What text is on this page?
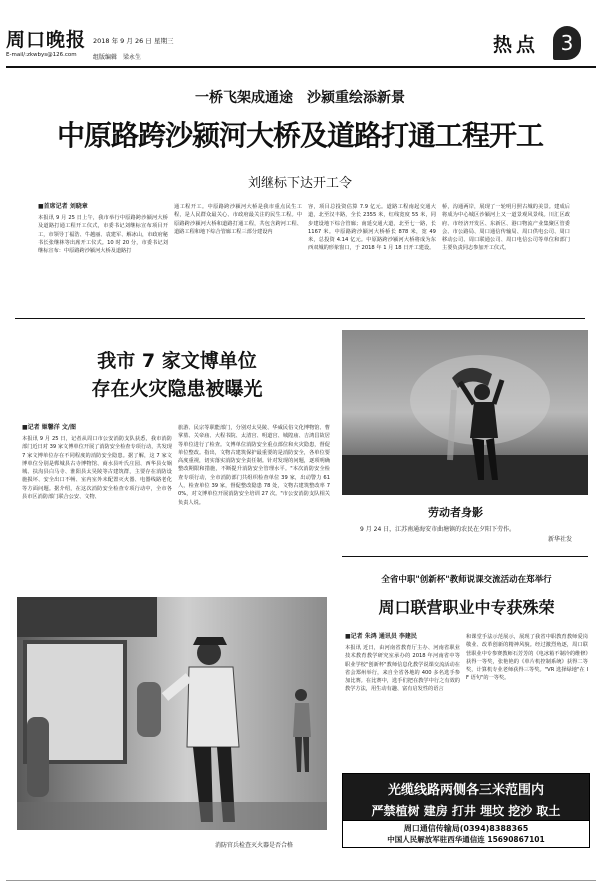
周口晚报
E-mail/:zkwbys@126.com
2018 年 9 月 26 日 星期三
组版编辑　梁永生
热点	3
一桥飞架成通途　沙颍重绘添新景
中原路跨沙颍河大桥及道路打通工程开工
刘继标下达开工令
■首席记者 刘晓章
本报讯 9 月 25 日上午，我市举行中原路跨沙颍河大桥及道路打通工程开工仪式，市委书记刘继标宣布项目开工，市领导丁福浩、牛越丽、袁建军、解冰山，市政府秘书长张继林等出席开工仪式。10 时 20 分，市委书记刘继标宣布：中原路跨沙颍河大桥及道路打
通工程开工。中原路跨沙颍河大桥是我市重点民生工程，是人民群众最关心、市政府最关注的民生工程。中原路跨沙颍河大桥和道路打通工程，共包含跨河工程、道路工程和地下综合管廊工程三部分建设内
容，项目总投资估算 7.9 亿元。道路工程南起交通大道，北至汉丰路，全长 2355 米，红线宽度 55 米，同步建设地下综合管廊；南延交通大道，北至七一路，长 1167 米。中原路跨沙颍河大桥桥长 878 米，宽 49 米，总投资 4.14 亿元。中原路跨沙颍河大桥将成为东西双城的形象窗口，于 2018 年 1 月 18 日开工建设。
桥，沟通两岸，展现了一轮明月照古城的美景。建成后将成为中心城区沙颍河上又一道景观风景线。川汇区政府、市经济开发区、东新区、港口物流产业集聚区管委会、市公路局、周口通信传输局、周口供电公司、周口移动公司、周口联通公司、周口电信公司等单位和部门主要负责同志参加开工仪式。
我市 7 家文博单位
存在火灾隐患被曝光
■记者 姬馨洋 文/图
本报讯 9 月 25 日，记者从周口市公安消防支队获悉，我市消防部门近日对 39 家文博单位开展了消防安全检查专项行动，共发现 7 家文博单位存在不同程度的消防安全隐患。据了解，这 7 家文博单位分别是郸城县古寺博物馆、商水县叶氏庄园、西华县女娲城、扶沟县白马寺、淮阳县太昊陵等古建筑群，主要存在消防设施损坏、安全出口不畅、室内室外未配置灭火器、电器线路老化等方面问题。据介绍，在这次消防安全检查专项行动中，全市各县市区消防部门联合公安、文物、
旅游、民宗等职能部门，分别对太昊陵、华威民俗文化博物馆、曹掌墓、关帝庙、大程书院、太清宫、明道宫、城隍庙、吉鸿昌故居等单位进行了检查。文博单位消防安全重点部位和火灾隐患，督促单位整改。指出，文物古建筑保护最重要的是消防安全，各单位要高度重视，切实落实消防安全责任制。针对发现的问题，逐项明确整改期限和措施，不断提升消防安全管理水平。"本次消防安全检查专项行动，全市消防部门共组织检查单位 39 家，出动警力 61 人，检查单位 39 家，督促整改隐患 78 处，文物古建筑整改率 70%，对文博单位开展消防安全培训 27 次。"市公安消防支队相关负责人说。
劳动者身影
9 月 24 日，江苏南通海安市曲塘镇的农民在夕阳下劳作。
新华社发
消防官兵检查灭火器是否合格
全省中职"创新杯"教师说课交流活动在郑举行
周口联营职业中专获殊荣
■记者 朱鸿 通讯员 李建民
本报讯 近日，由河南省教育厅主办、河南省职业技术教育教学研究室承办的 2018 年河南省中等职业学校"创新杯"教师信息化教学说课交流活动在省会郑州举行，来自全省各地的 400 多名选手参加比赛。在比赛中，选手们把在教学中行之有效的教学方法，用生动有趣、富有启发性的语言
和课堂手法示范展示，展现了我省中职教育教师爱岗敬业、改革创新的精神风貌。经过激烈角逐，周口联营职业中专参赛教师石芳芳的《电冰箱不制冷的维修》获得一等奖，张艳艳的《单片机控制系统》获得二等奖，计算机专业老师获得三等奖。"VR 选择绿地"在 IF 语句"的一等奖。
光缆线路两侧各三米范围内
严禁植树 建房 打井 埋坟 挖沙 取土
周口通信传输局(0394)8388365
中国人民解放军驻西华通信连 15690867101
